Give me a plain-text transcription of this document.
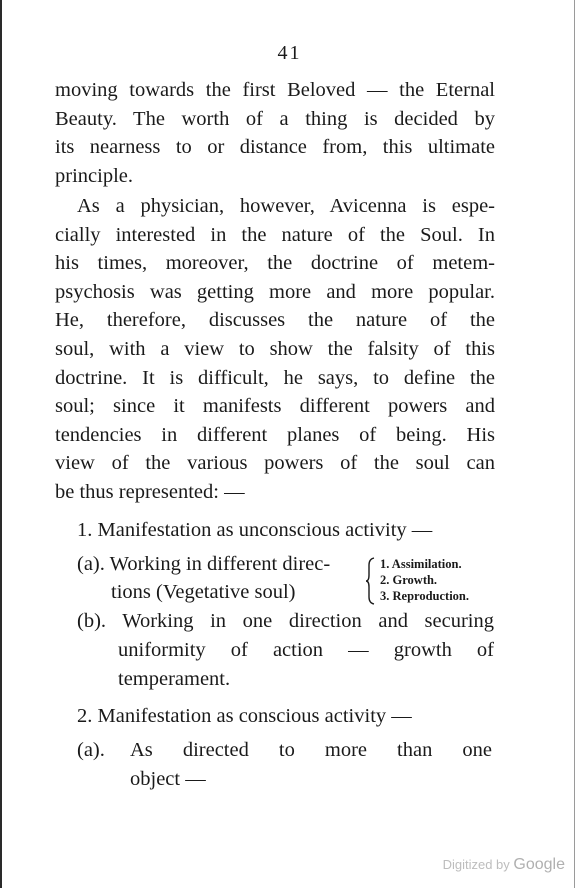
41
moving towards the first Beloved — the Eternal
Beauty. The worth of a thing is decided by
its nearness to or distance from, this ultimate
principle.
As a physician, however, Avicenna is espe-
cially interested in the nature of the Soul. In
his times, moreover, the doctrine of metem-
psychosis was getting more and more popular.
He, therefore, discusses the nature of the
soul, with a view to show the falsity of this
doctrine. It is difficult, he says, to define the
soul; since it manifests different powers and
tendencies in different planes of being. His
view of the various powers of the soul can
be thus represented: —
1. Manifestation as unconscious activity —
(a). Working in different direc-
tions (Vegetative soul)
1. Assimilation.
2. Growth.
3. Reproduction.
(b). Working in one direction and securing
uniformity of action — growth of
temperament.
2. Manifestation as conscious activity —
(a). As directed to more than one
object —
Digitized by Google
